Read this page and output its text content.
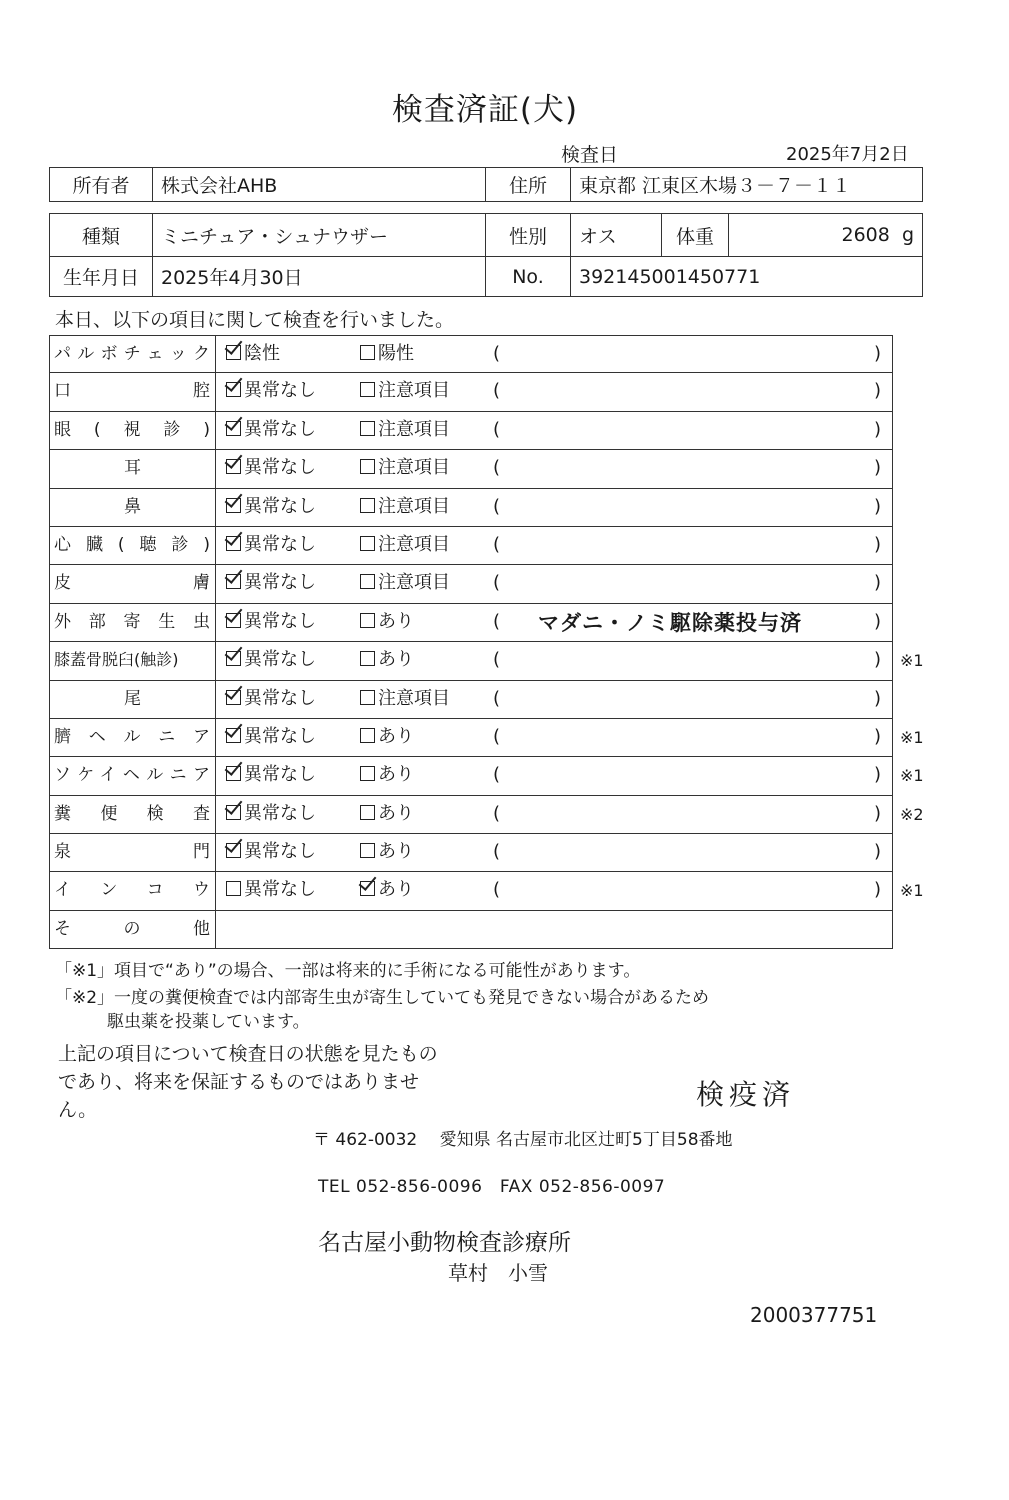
検査済証(犬)
検査日	2025年7月2日
所有者	株式会社AHB	住所	東京都 江東区木場３－７－１１
種類	ミニチュア・シュナウザー	性別	オス	体重	2608 g
生年月日	2025年4月30日	No.	392145001450771		
本日、以下の項目に関して検査を行いました。
パルボチェック	陰性	陽性	(	)
口腔	異常なし	注意項目 (	)
眼(視診)	異常なし	注意項目 (	)
耳	異常なし	注意項目 (	)
鼻	異常なし	注意項目 (	)
心臓(聴診)	異常なし	注意項目 (	)
皮膚	異常なし	注意項目 (	)
外部寄生虫	異常なし	あり	( マダニ・ノミ駆除薬投与済	)
膝蓋骨脱臼(触診)	異常なし	あり	(	) ※1
尾	異常なし	注意項目 (	)
臍ヘルニア	異常なし	あり	(	) ※1
ソケイヘルニア	異常なし	あり	(	) ※1
糞便検査	異常なし	あり	(	) ※2
泉門	異常なし	あり	(	)
インコウ	異常なし	あり	(	) ※1
その他
「※1」項目で“あり”の場合、一部は将来的に手術になる可能性があります。
「※2」一度の糞便検査では内部寄生虫が寄生していても発見できない場合があるため
駆虫薬を投薬しています。
上記の項目について検査日の状態を見たものであり、将来を保証するものではありません。	検疫済
〒 462-0032　 愛知県 名古屋市北区辻町5丁目58番地
TEL 052-856-0096　FAX 052-856-0097
名古屋小動物検査診療所
草村　小雪
2000377751
